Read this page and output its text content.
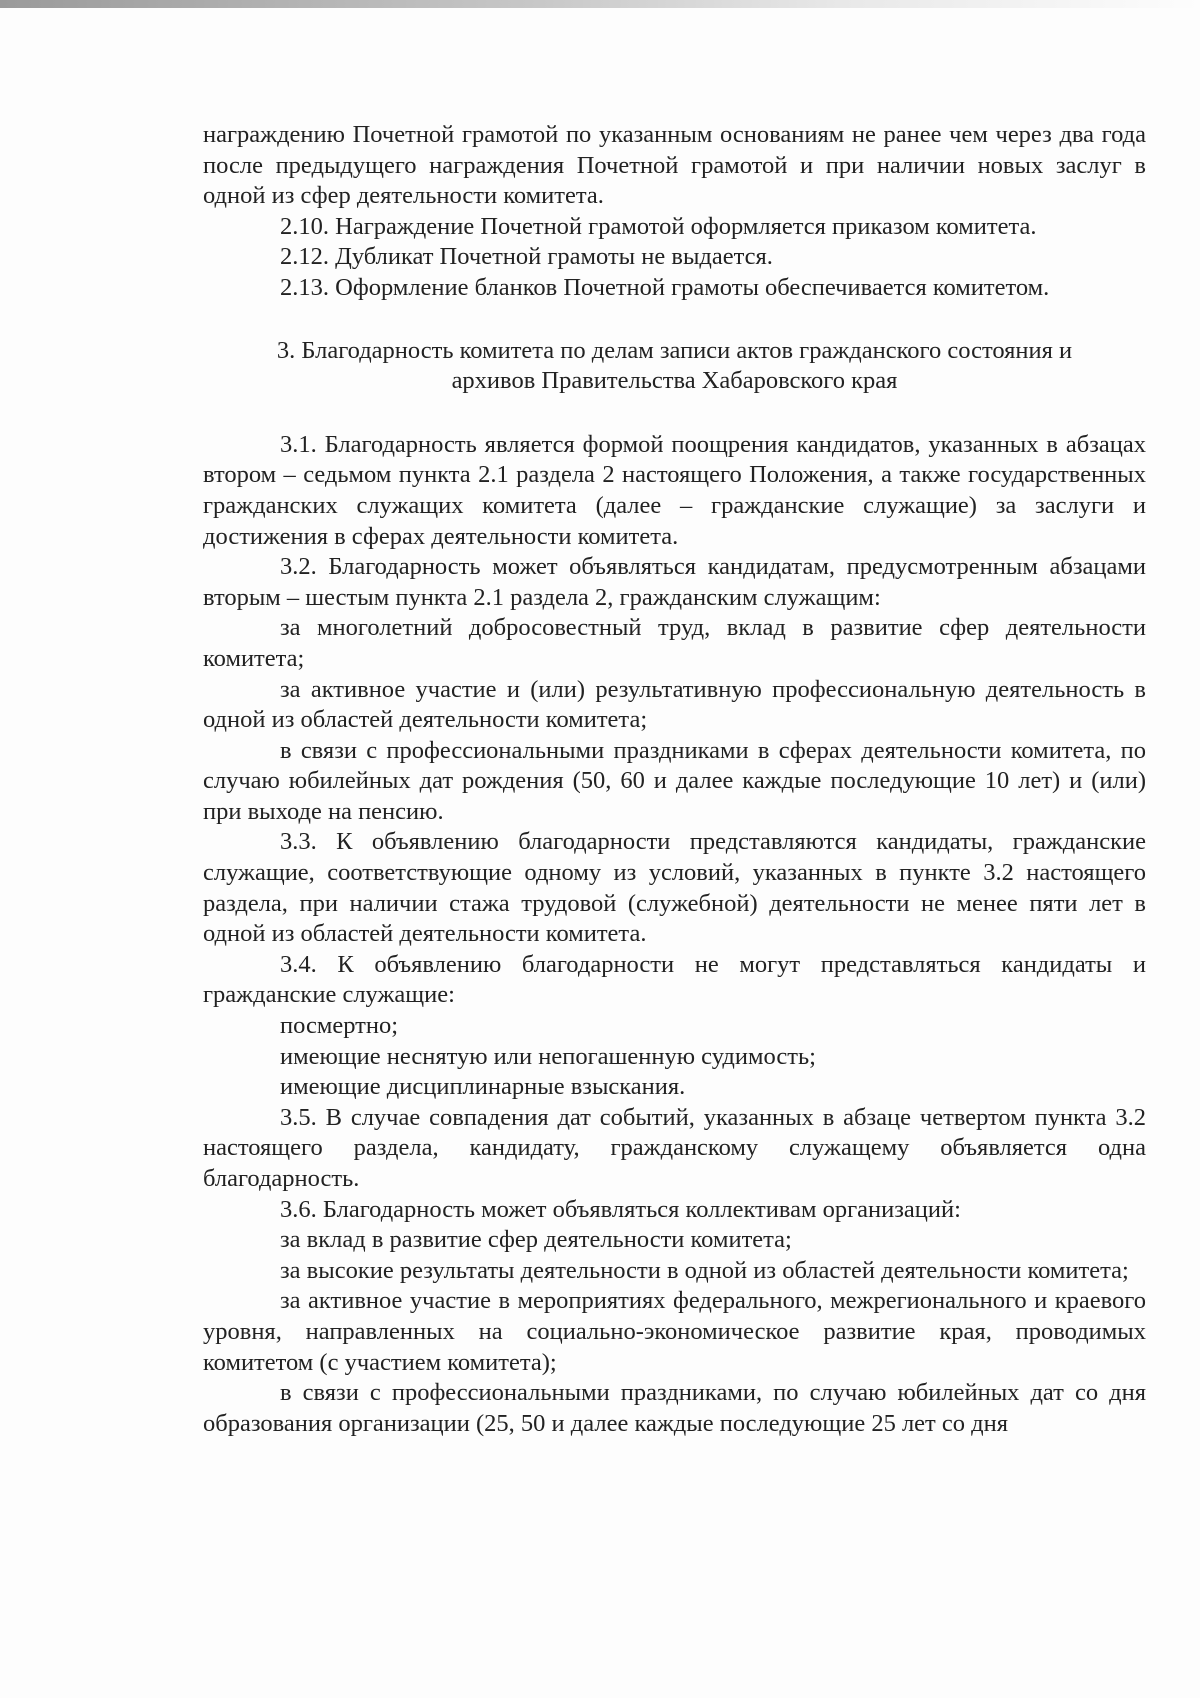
награждению Почетной грамотой по указанным основаниям не ранее чем через два года после предыдущего награждения Почетной грамотой и при наличии новых заслуг в одной из сфер деятельности комитета.

2.10. Награждение Почетной грамотой оформляется приказом комитета.

2.12. Дубликат Почетной грамоты не выдается.

2.13. Оформление бланков Почетной грамоты обеспечивается комитетом.

3. Благодарность комитета по делам записи актов гражданского состояния и архивов Правительства Хабаровского края

3.1. Благодарность является формой поощрения кандидатов, указанных в абзацах втором – седьмом пункта 2.1 раздела 2 настоящего Положения, а также государственных гражданских служащих комитета (далее – гражданские служащие) за заслуги и достижения в сферах деятельности комитета.

3.2. Благодарность может объявляться кандидатам, предусмотренным абзацами вторым – шестым пункта 2.1 раздела 2, гражданским служащим:

за многолетний добросовестный труд, вклад в развитие сфер деятельности комитета;

за активное участие и (или) результативную профессиональную деятельность в одной из областей деятельности комитета;

в связи с профессиональными праздниками в сферах деятельности комитета, по случаю юбилейных дат рождения (50, 60 и далее каждые последующие 10 лет) и (или) при выходе на пенсию.

3.3. К объявлению благодарности представляются кандидаты, гражданские служащие, соответствующие одному из условий, указанных в пункте 3.2 настоящего раздела, при наличии стажа трудовой (служебной) деятельности не менее пяти лет в одной из областей деятельности комитета.

3.4. К объявлению благодарности не могут представляться кандидаты и гражданские служащие:

посмертно;

имеющие неснятую или непогашенную судимость;

имеющие дисциплинарные взыскания.

3.5. В случае совпадения дат событий, указанных в абзаце четвертом пункта 3.2 настоящего раздела, кандидату, гражданскому служащему объявляется одна благодарность.

3.6. Благодарность может объявляться коллективам организаций:

за вклад в развитие сфер деятельности комитета;

за высокие результаты деятельности в одной из областей деятельности комитета;

за активное участие в мероприятиях федерального, межрегионального и краевого уровня, направленных на социально-экономическое развитие края, проводимых комитетом (с участием комитета);

в связи с профессиональными праздниками, по случаю юбилейных дат со дня образования организации (25, 50 и далее каждые последующие 25 лет со дня
